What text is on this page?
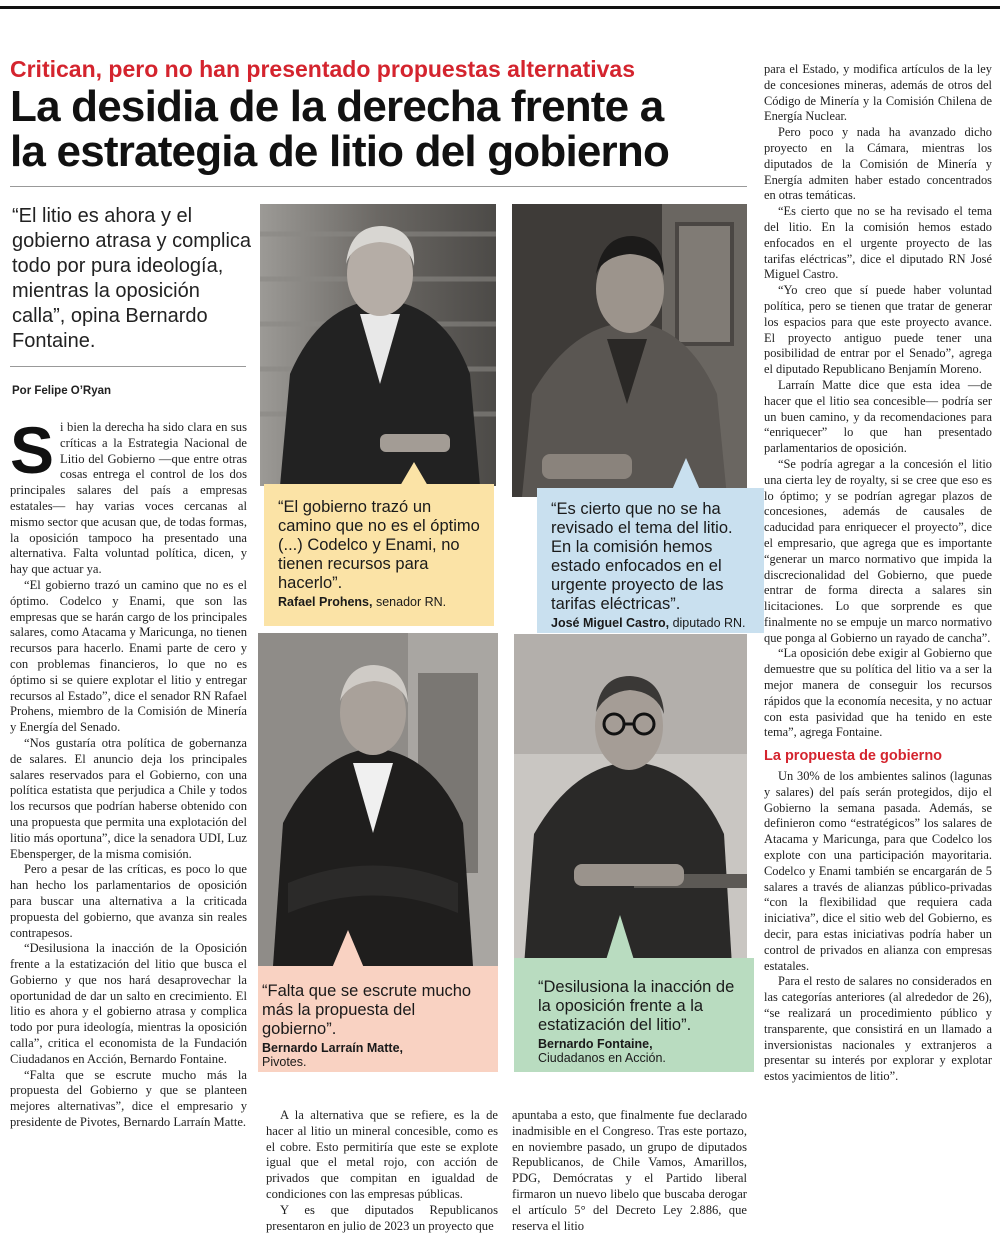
Critican, pero no han presentado propuestas alternativas
La desidia de la derecha frente a
la estrategia de litio del gobierno
“El litio es ahora y el gobierno atrasa y complica todo por pura ideología, mientras la oposición calla”, opina Bernardo Fontaine.
Por Felipe O’Ryan

Si bien la derecha ha sido clara en sus críticas a la Estrategia Nacional de Litio del Gobierno —que entre otras cosas entrega el control de los dos principales salares del país a empresas estatales— hay varias voces cercanas al mismo sector que acusan que, de todas formas, la oposición tampoco ha presentado una alternativa. Falta voluntad política, dicen, y hay que actuar ya.

“El gobierno trazó un camino que no es el óptimo. Codelco y Enami, que son las empresas que se harán cargo de los principales salares, como Atacama y Maricunga, no tienen recursos para hacerlo. Enami parte de cero y con problemas financieros, lo que no es óptimo si se quiere explotar el litio y entregar recursos al Estado”, dice el senador RN Rafael Prohens, miembro de la Comisión de Minería y Energía del Senado.

“Nos gustaría otra política de gobernanza de salares. El anuncio deja los principales salares reservados para el Gobierno, con una política estatista que perjudica a Chile y todos los recursos que podrían haberse obtenido con una propuesta que permita una explotación del litio más oportuna”, dice la senadora UDI, Luz Ebensperger, de la misma comisión.

Pero a pesar de las críticas, es poco lo que han hecho los parlamentarios de oposición para buscar una alternativa a la criticada propuesta del gobierno, que avanza sin reales contrapesos.

“Desilusiona la inacción de la Oposición frente a la estatización del litio que busca el Gobierno y que nos hará desaprovechar la oportunidad de dar un salto en crecimiento. El litio es ahora y el gobierno atrasa y complica todo por pura ideología, mientras la oposición calla”, critica el economista de la Fundación Ciudadanos en Acción, Bernardo Fontaine.

“Falta que se escrute mucho más la propuesta del Gobierno y que se planteen mejores alternativas”, dice el empresario y presidente de Pivotes, Bernardo Larraín Matte.

“El gobierno trazó un camino que no es el óptimo (...) Codelco y Enami, no tienen recursos para hacerlo”.
Rafael Prohens, senador RN.
“Es cierto que no se ha revisado el tema del litio. En la comisión hemos estado enfocados en el urgente proyecto de las tarifas eléctricas”.
José Miguel Castro, diputado RN.
“Falta que se escrute mucho más la propuesta del gobierno”.
Bernardo Larraín Matte,
Pivotes.
“Desilusiona la inacción de la oposición frente a la estatización del litio”.
Bernardo Fontaine,
Ciudadanos en Acción.

A la alternativa que se refiere, es la de hacer al litio un mineral concesible, como es el cobre. Esto permitiría que este se explote igual que el metal rojo, con acción de privados que compitan en igualdad de condiciones con las empresas públicas.

Y es que diputados Republicanos presentaron en julio de 2023 un proyecto que

apuntaba a esto, que finalmente fue declarado inadmisible en el Congreso. Tras este portazo, en noviembre pasado, un grupo de diputados Republicanos, de Chile Vamos, Amarillos, PDG, Demócratas y el Partido liberal firmaron un nuevo libelo que buscaba derogar el artículo 5° del Decreto Ley 2.886, que reserva el litio

para el Estado, y modifica artículos de la ley de concesiones mineras, además de otros del Código de Minería y la Comisión Chilena de Energía Nuclear.

Pero poco y nada ha avanzado dicho proyecto en la Cámara, mientras los diputados de la Comisión de Minería y Energía admiten haber estado concentrados en otras temáticas.

“Es cierto que no se ha revisado el tema del litio. En la comisión hemos estado enfocados en el urgente proyecto de las tarifas eléctricas”, dice el diputado RN José Miguel Castro.

“Yo creo que sí puede haber voluntad política, pero se tienen que tratar de generar los espacios para que este proyecto avance. El proyecto antiguo puede tener una posibilidad de entrar por el Senado”, agrega el diputado Republicano Benjamín Moreno.

Larraín Matte dice que esta idea —de hacer que el litio sea concesible— podría ser un buen camino, y da recomendaciones para “enriquecer” lo que han presentado parlamentarios de oposición.

“Se podría agregar a la concesión el litio una cierta ley de royalty, si se cree que eso es lo óptimo; y se podrían agregar plazos de concesiones, además de causales de caducidad para enriquecer el proyecto”, dice el empresario, que agrega que es importante “generar un marco normativo que impida la discrecionalidad del Gobierno, que puede entrar de forma directa a salares sin licitaciones. Lo que sorprende es que finalmente no se empuje un marco normativo que ponga al Gobierno un rayado de cancha”.

“La oposición debe exigir al Gobierno que demuestre que su política del litio va a ser la mejor manera de conseguir los recursos rápidos que la economía necesita, y no actuar con esta pasividad que ha tenido en este tema”, agrega Fontaine.

La propuesta de gobierno

Un 30% de los ambientes salinos (lagunas y salares) del país serán protegidos, dijo el Gobierno la semana pasada. Además, se definieron como “estratégicos” los salares de Atacama y Maricunga, para que Codelco los explote con una participación mayoritaria. Codelco y Enami también se encargarán de 5 salares a través de alianzas público-privadas “con la flexibilidad que requiera cada iniciativa”, dice el sitio web del Gobierno, es decir, para estas iniciativas podría haber un control de privados en alianza con empresas estatales.

Para el resto de salares no considerados en las categorías anteriores (al alrededor de 26), “se realizará un procedimiento público y transparente, que consistirá en un llamado a inversionistas nacionales y extranjeros a presentar su interés por explorar y explotar estos yacimientos de litio”.
